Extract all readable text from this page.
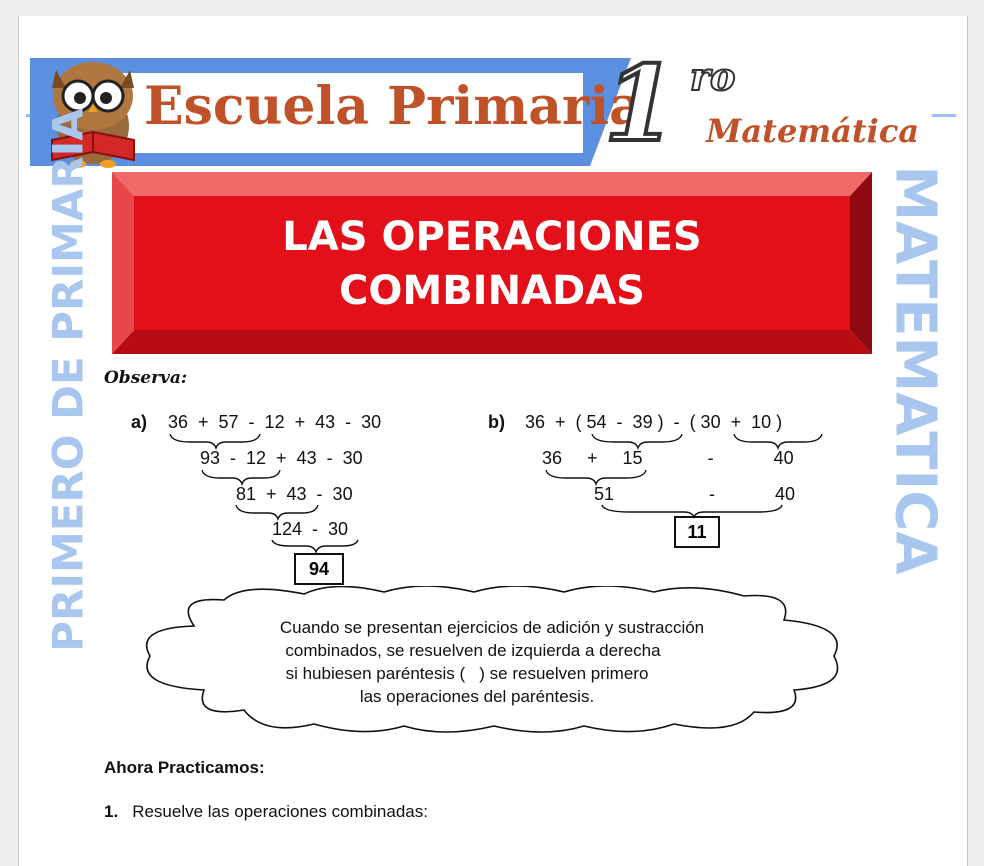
Escuela Primaria
1 ro
Matemática
PRIMERO DE PRIMARIA	MATEMATICA
LAS OPERACIONES
COMBINADAS
Observa:
a) 36  +  57  -  12  +  43  -  30
93  -  12  +  43  -  30
81  +  43  -  30
124  -  30
94
b) 36  +  ( 54  -  39 )  -  ( 30  +  10 )
36     +     15             -            40
51                   -            40
11
Cuando se presentan ejercicios de adición y sustracción
combinados, se resuelven de izquierda a derecha
si hubiesen paréntesis (   ) se resuelven primero
las operaciones del paréntesis.
Ahora Practicamos:
1. Resuelve las operaciones combinadas:
